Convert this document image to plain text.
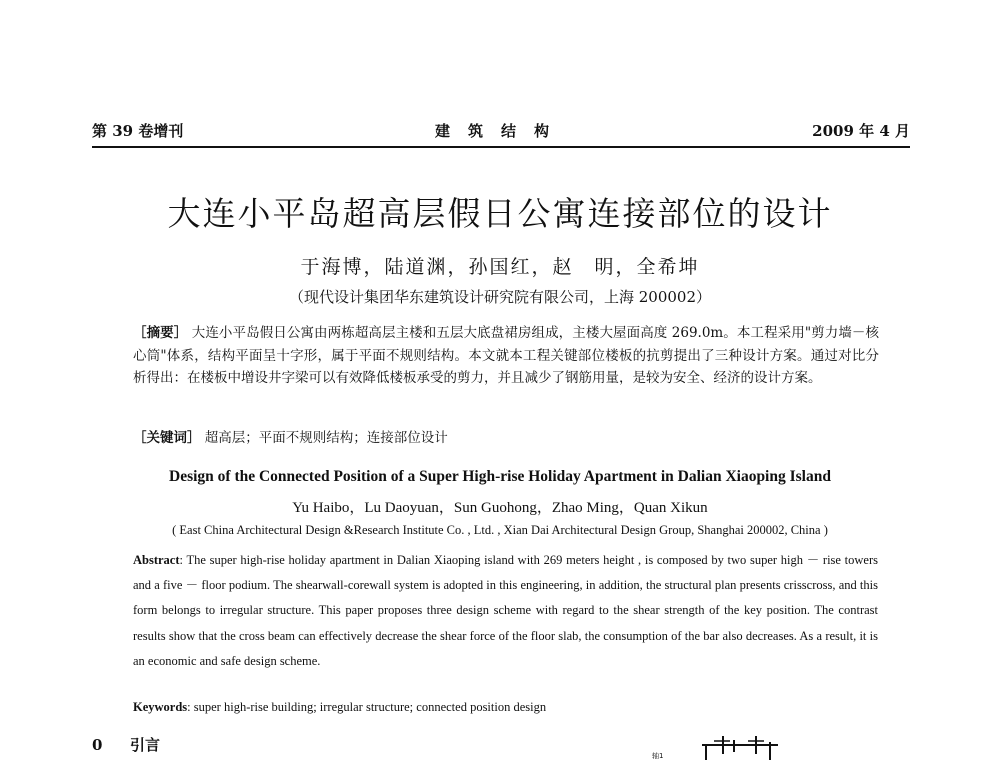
第 39 卷增刊	建筑结构	2009 年 4 月
大连小平岛超高层假日公寓连接部位的设计
于海博，陆道渊，孙国红，赵　明，全希坤
（现代设计集团华东建筑设计研究院有限公司，上海 200002）
［摘要］ 大连小平岛假日公寓由两栋超高层主楼和五层大底盘裙房组成，主楼大屋面高度 269.0m。本工程采用"剪力墙－核心筒"体系，结构平面呈十字形，属于平面不规则结构。本文就本工程关键部位楼板的抗剪提出了三种设计方案。通过对比分析得出：在楼板中增设井字梁可以有效降低楼板承受的剪力，并且减少了钢筋用量，是较为安全、经济的设计方案。
［关键词］ 超高层；平面不规则结构；连接部位设计
Design of the Connected Position of a Super High-rise Holiday Apartment in Dalian Xiaoping Island
Yu Haibo，Lu Daoyuan，Sun Guohong，Zhao Ming，Quan Xikun
( East China Architectural Design &Research Institute Co. , Ltd. , Xian Dai Architectural Design Group, Shanghai 200002, China )
Abstract: The super high-rise holiday apartment in Dalian Xiaoping island with 269 meters height , is composed by two super high － rise towers and a five － floor podium. The shearwall-corewall system is adopted in this engineering, in addition, the structural plan presents crisscross, and this form belongs to irregular structure. This paper proposes three design scheme with regard to the shear strength of the key position. The contrast results show that the cross beam can effectively decrease the shear force of the floor slab, the consumption of the bar also decreases. As a result, it is an economic and safe design scheme.
Keywords: super high-rise building; irregular structure; connected position design
0 引言
轴1
